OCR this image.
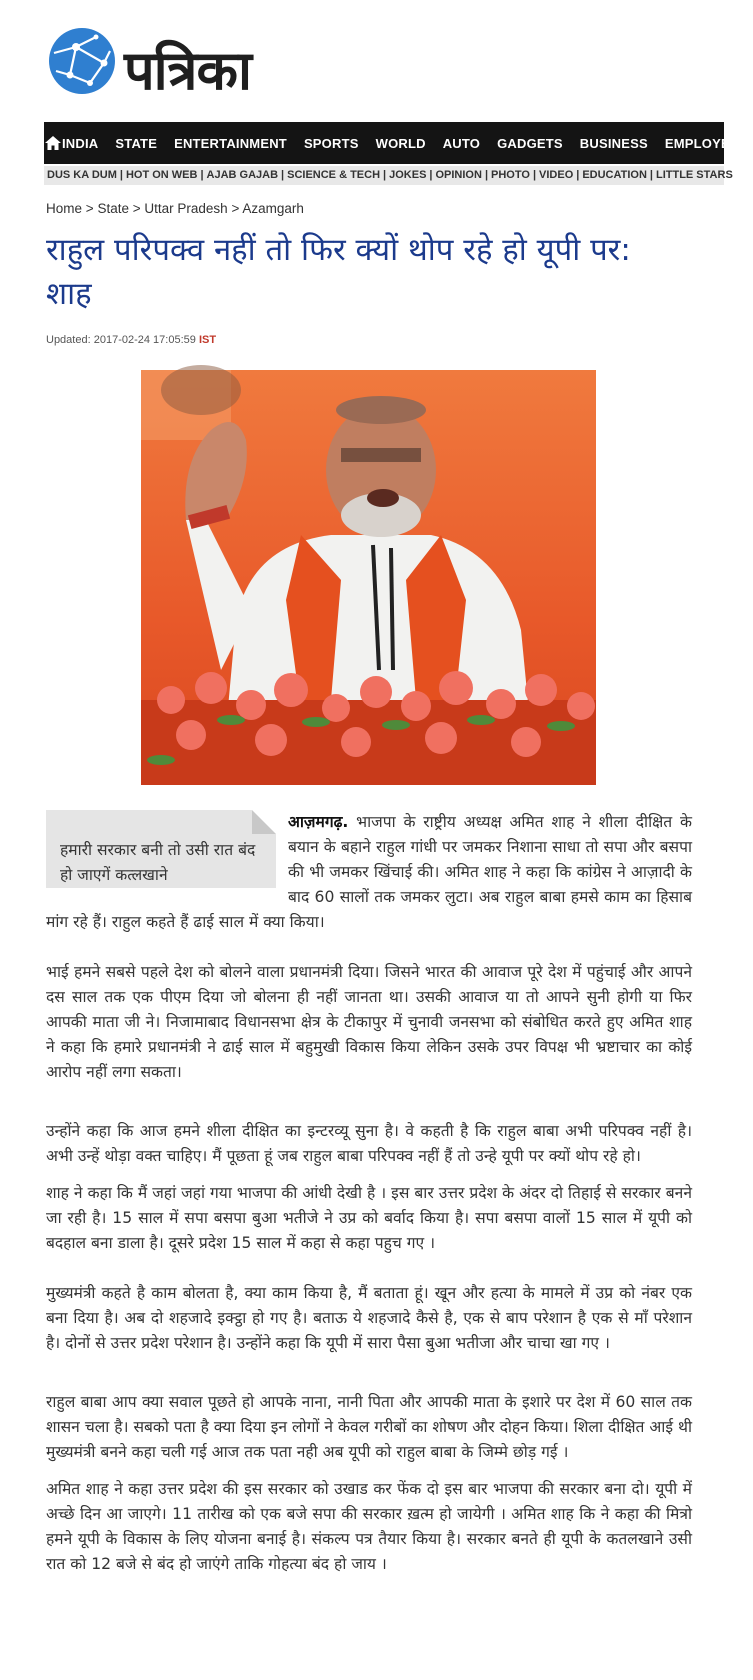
पत्रिका
INDIA STATE ENTERTAINMENT SPORTS WORLD AUTO GADGETS BUSINESS EMPLOYEE
DUS KA DUM | HOT ON WEB | AJAB GAJAB | SCIENCE & TECH | JOKES | OPINION | PHOTO | VIDEO | EDUCATION | LITTLE STARS
Home > State > Uttar Pradesh > Azamgarh
राहुल परिपक्व नहीं तो फिर क्यों थोप रहे हो यूपी पर: शाह
Updated: 2017-02-24 17:05:59 IST

हमारी सरकार बनी तो उसी रात बंद हो जाएगें कत्लखाने
आज़मगढ़. भाजपा के राष्ट्रीय अध्यक्ष अमित शाह ने शीला दीक्षित के बयान के बहाने राहुल गांधी पर जमकर निशाना साधा तो सपा और बसपा की भी जमकर खिंचाई की। अमित शाह ने कहा कि कांग्रेस ने आज़ादी के बाद 60 सालों तक जमकर लुटा। अब राहुल बाबा हमसे काम का हिसाब मांग रहे हैं। राहुल कहते हैं ढाई साल में क्या किया।

भाई हमने सबसे पहले देश को बोलने वाला प्रधानमंत्री दिया। जिसने भारत की आवाज पूरे देश में पहुंचाई और आपने दस साल तक एक पीएम दिया जो बोलना ही नहीं जानता था। उसकी आवाज या तो आपने सुनी होगी या फिर आपकी माता जी ने। निजामाबाद विधानसभा क्षेत्र के टीकापुर में चुनावी जनसभा को संबोधित करते हुए अमित शाह ने कहा कि हमारे प्रधानमंत्री ने ढाई साल में बहुमुखी विकास किया लेकिन उसके उपर विपक्ष भी भ्रष्टाचार का कोई आरोप नहीं लगा सकता।

उन्होंने कहा कि आज हमने शीला दीक्षित का इन्टरव्यू सुना है। वे कहती है कि राहुल बाबा अभी परिपक्व नहीं है। अभी उन्हें थोड़ा वक्त चाहिए। मैं पूछता हूं जब राहुल बाबा परिपक्व नहीं हैं तो उन्हे यूपी पर क्यों थोप रहे हो।

शाह ने कहा कि मैं जहां जहां गया भाजपा की आंधी देखी है । इस बार उत्तर प्रदेश के अंदर दो तिहाई से सरकार बनने जा रही है। 15 साल में सपा बसपा बुआ भतीजे ने उप्र को बर्वाद किया है। सपा बसपा वालों 15 साल में यूपी को बदहाल बना डाला है। दूसरे प्रदेश 15 साल में कहा से कहा पहुच गए ।

मुख्यमंत्री कहते है काम बोलता है, क्या काम किया है, मैं बताता हूं। खून और हत्या के मामले में उप्र को नंबर एक बना दिया है। अब दो शहजादे इक्ट्ठा हो गए है। बताऊ ये शहजादे कैसे है, एक से बाप परेशान है एक से माँ परेशान है। दोनों से उत्तर प्रदेश परेशान है। उन्होंने कहा कि यूपी में सारा पैसा बुआ भतीजा और चाचा खा गए ।

राहुल बाबा आप क्या सवाल पूछते हो आपके नाना, नानी पिता और आपकी माता के इशारे पर देश में 60 साल तक शासन चला है। सबको पता है क्या दिया इन लोगों ने केवल गरीबों का शोषण और दोहन किया। शिला दीक्षित आई थी मुख्यमंत्री बनने कहा चली गई आज तक पता नही अब यूपी को राहुल बाबा के जिम्मे छोड़ गई ।

अमित शाह ने कहा उत्तर प्रदेश की इस सरकार को उखाड कर फेंक दो इस बार भाजपा की सरकार बना दो। यूपी में अच्छे दिन आ जाएगे। 11 तारीख को एक बजे सपा की सरकार ख़त्म हो जायेगी । अमित शाह कि ने कहा की मित्रो हमने यूपी के विकास के लिए योजना बनाई है। संकल्प पत्र तैयार किया है। सरकार बनते ही यूपी के कतलखाने उसी रात को 12 बजे से बंद हो जाएंगे ताकि गोहत्या बंद हो जाय ।
